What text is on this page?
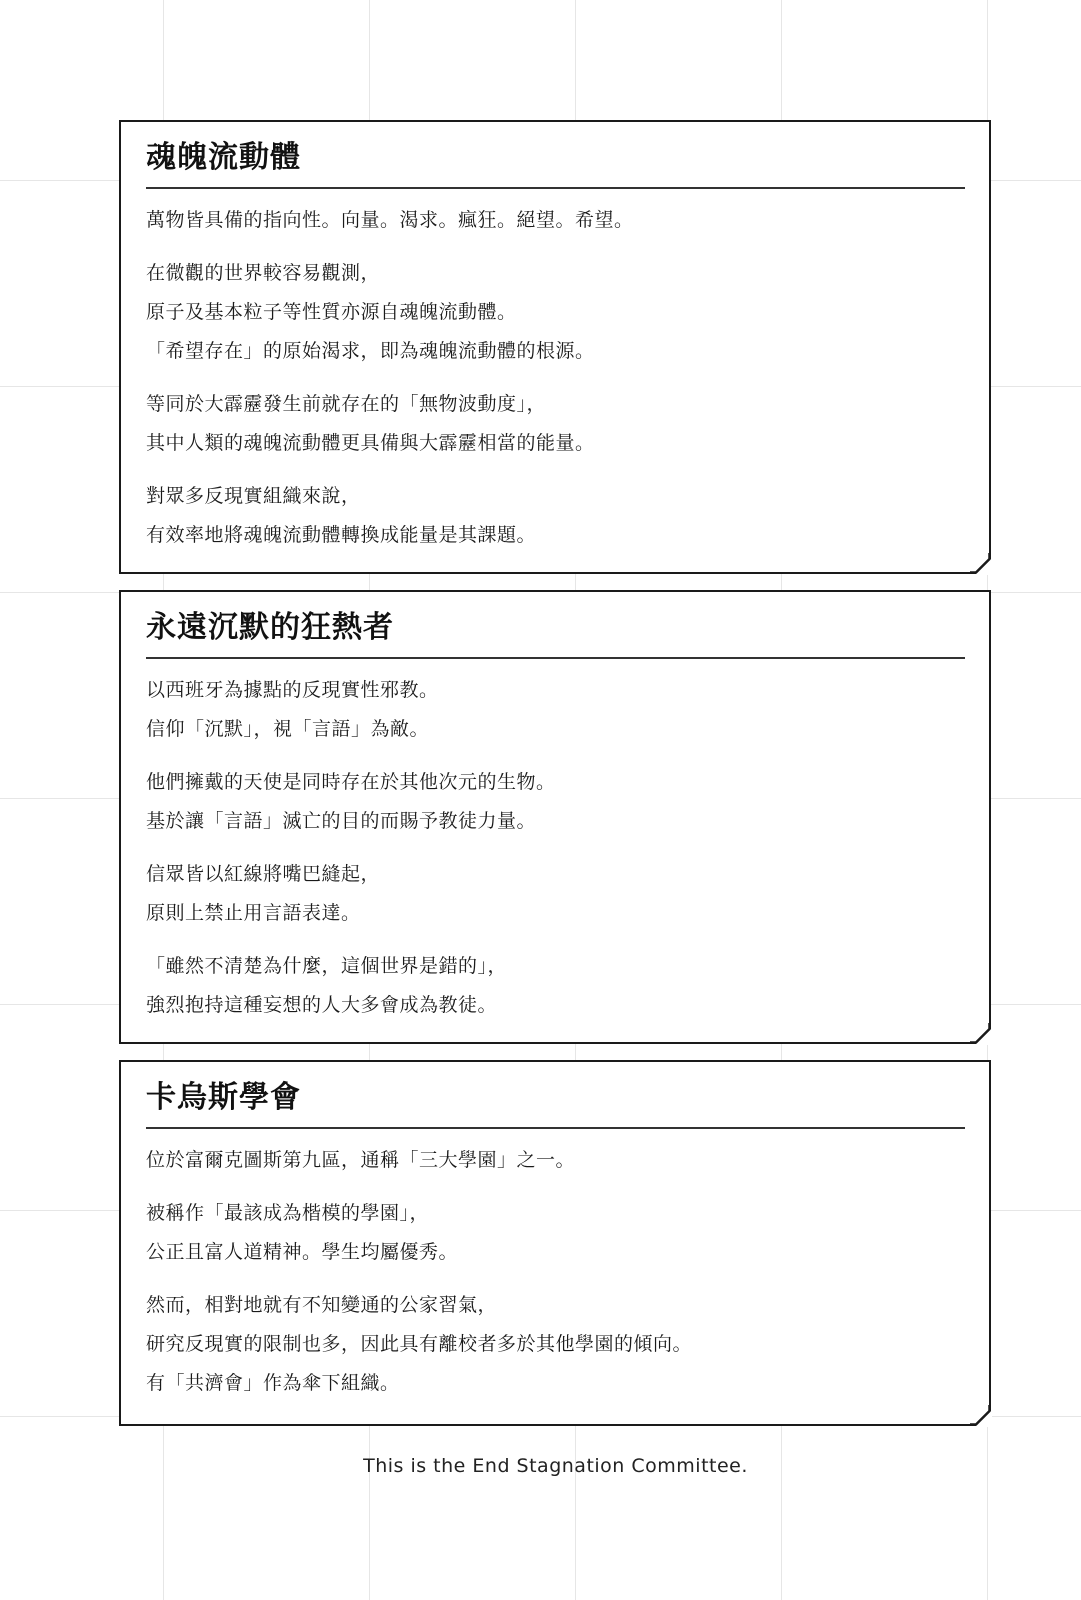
魂魄流動體
萬物皆具備的指向性。向量。渴求。瘋狂。絕望。希望。
在微觀的世界較容易觀測，
原子及基本粒子等性質亦源自魂魄流動體。
「希望存在」的原始渴求，即為魂魄流動體的根源。
等同於大霹靂發生前就存在的「無物波動度」，
其中人類的魂魄流動體更具備與大霹靂相當的能量。
對眾多反現實組織來說，
有效率地將魂魄流動體轉換成能量是其課題。
永遠沉默的狂熱者
以西班牙為據點的反現實性邪教。
信仰「沉默」，視「言語」為敵。
他們擁戴的天使是同時存在於其他次元的生物。
基於讓「言語」滅亡的目的而賜予教徒力量。
信眾皆以紅線將嘴巴縫起，
原則上禁止用言語表達。
「雖然不清楚為什麼，這個世界是錯的」，
強烈抱持這種妄想的人大多會成為教徒。
卡烏斯學會
位於富爾克圖斯第九區，通稱「三大學園」之一。
被稱作「最該成為楷模的學園」，
公正且富人道精神。學生均屬優秀。
然而，相對地就有不知變通的公家習氣，
研究反現實的限制也多，因此具有離校者多於其他學園的傾向。
有「共濟會」作為傘下組織。
This is the End Stagnation Committee.
